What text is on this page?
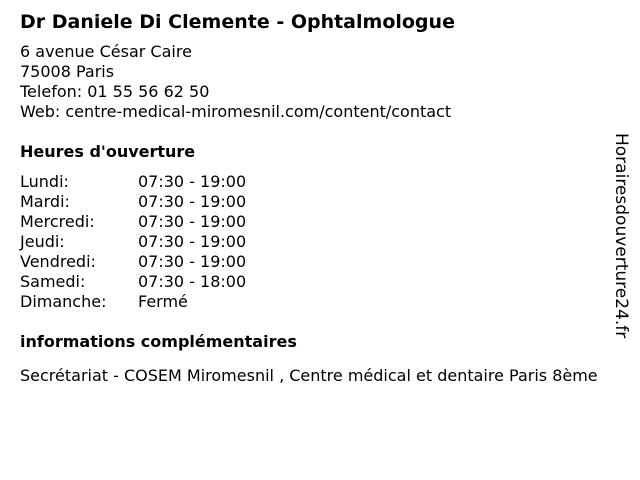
Dr Daniele Di Clemente - Ophtalmologue
6 avenue César Caire
75008 Paris
Telefon: 01 55 56 62 50
Web: centre-medical-miromesnil.com/content/contact
Heures d'ouverture
Lundi:	07:30 - 19:00
Mardi:	07:30 - 19:00
Mercredi:	07:30 - 19:00
Jeudi:	07:30 - 19:00
Vendredi:	07:30 - 19:00
Samedi:	07:30 - 18:00
Dimanche:	Fermé
informations complémentaires
Secrétariat - COSEM Miromesnil , Centre médical et dentaire Paris 8ème
Horairesdouverture24.fr
